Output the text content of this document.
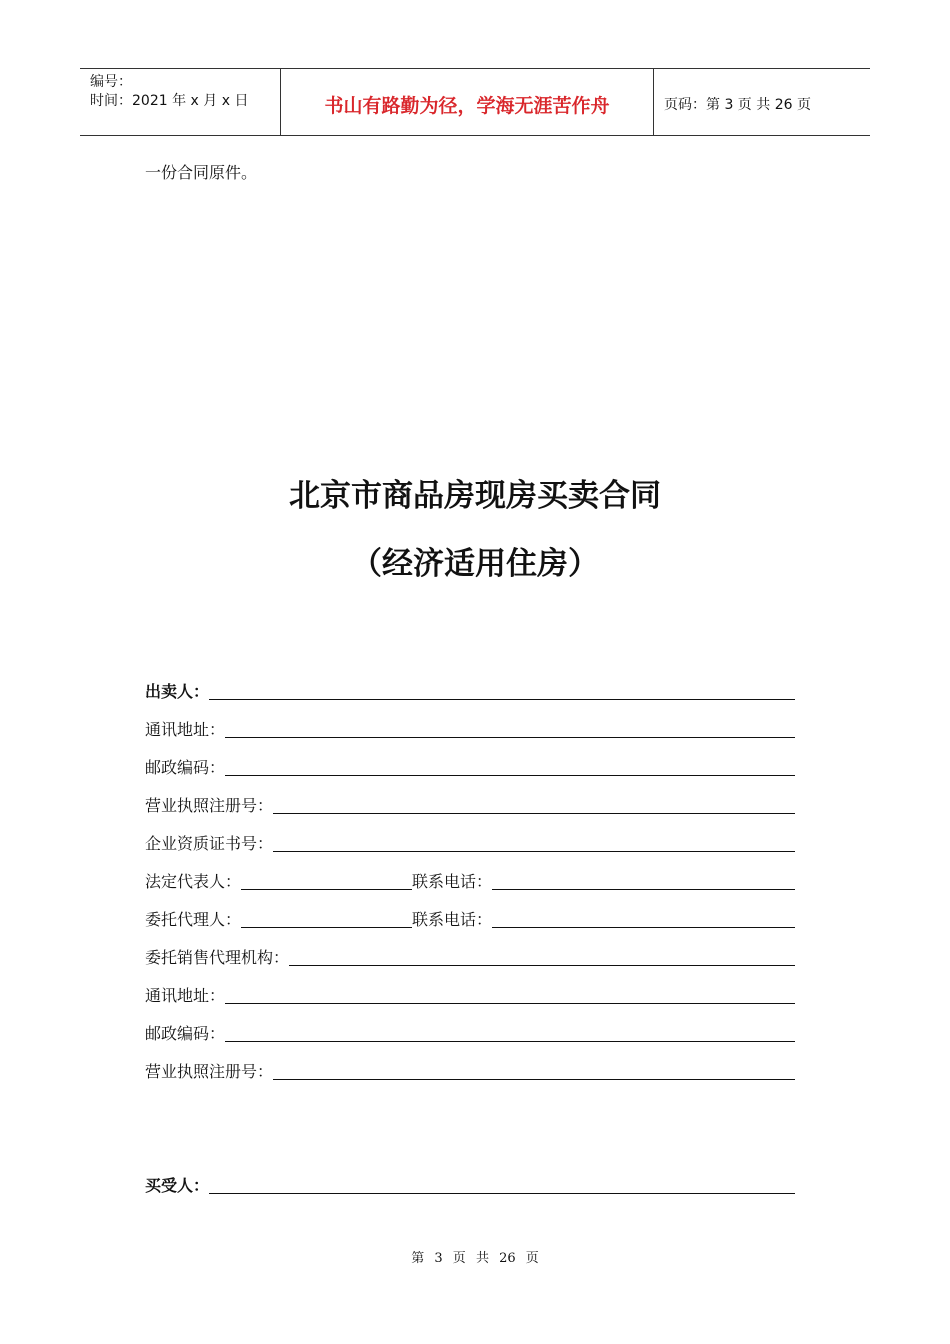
编号：
时间：2021 年 x 月 x 日	书山有路勤为径，学海无涯苦作舟	页码：第 3 页 共 26 页
一份合同原件。
北京市商品房现房买卖合同
（经济适用住房）
出卖人：
通讯地址：
邮政编码：
营业执照注册号：
企业资质证书号：
法定代表人：	联系电话：
委托代理人：	联系电话：
委托销售代理机构：
通讯地址：
邮政编码：
营业执照注册号：
买受人：
第 3 页 共 26 页
